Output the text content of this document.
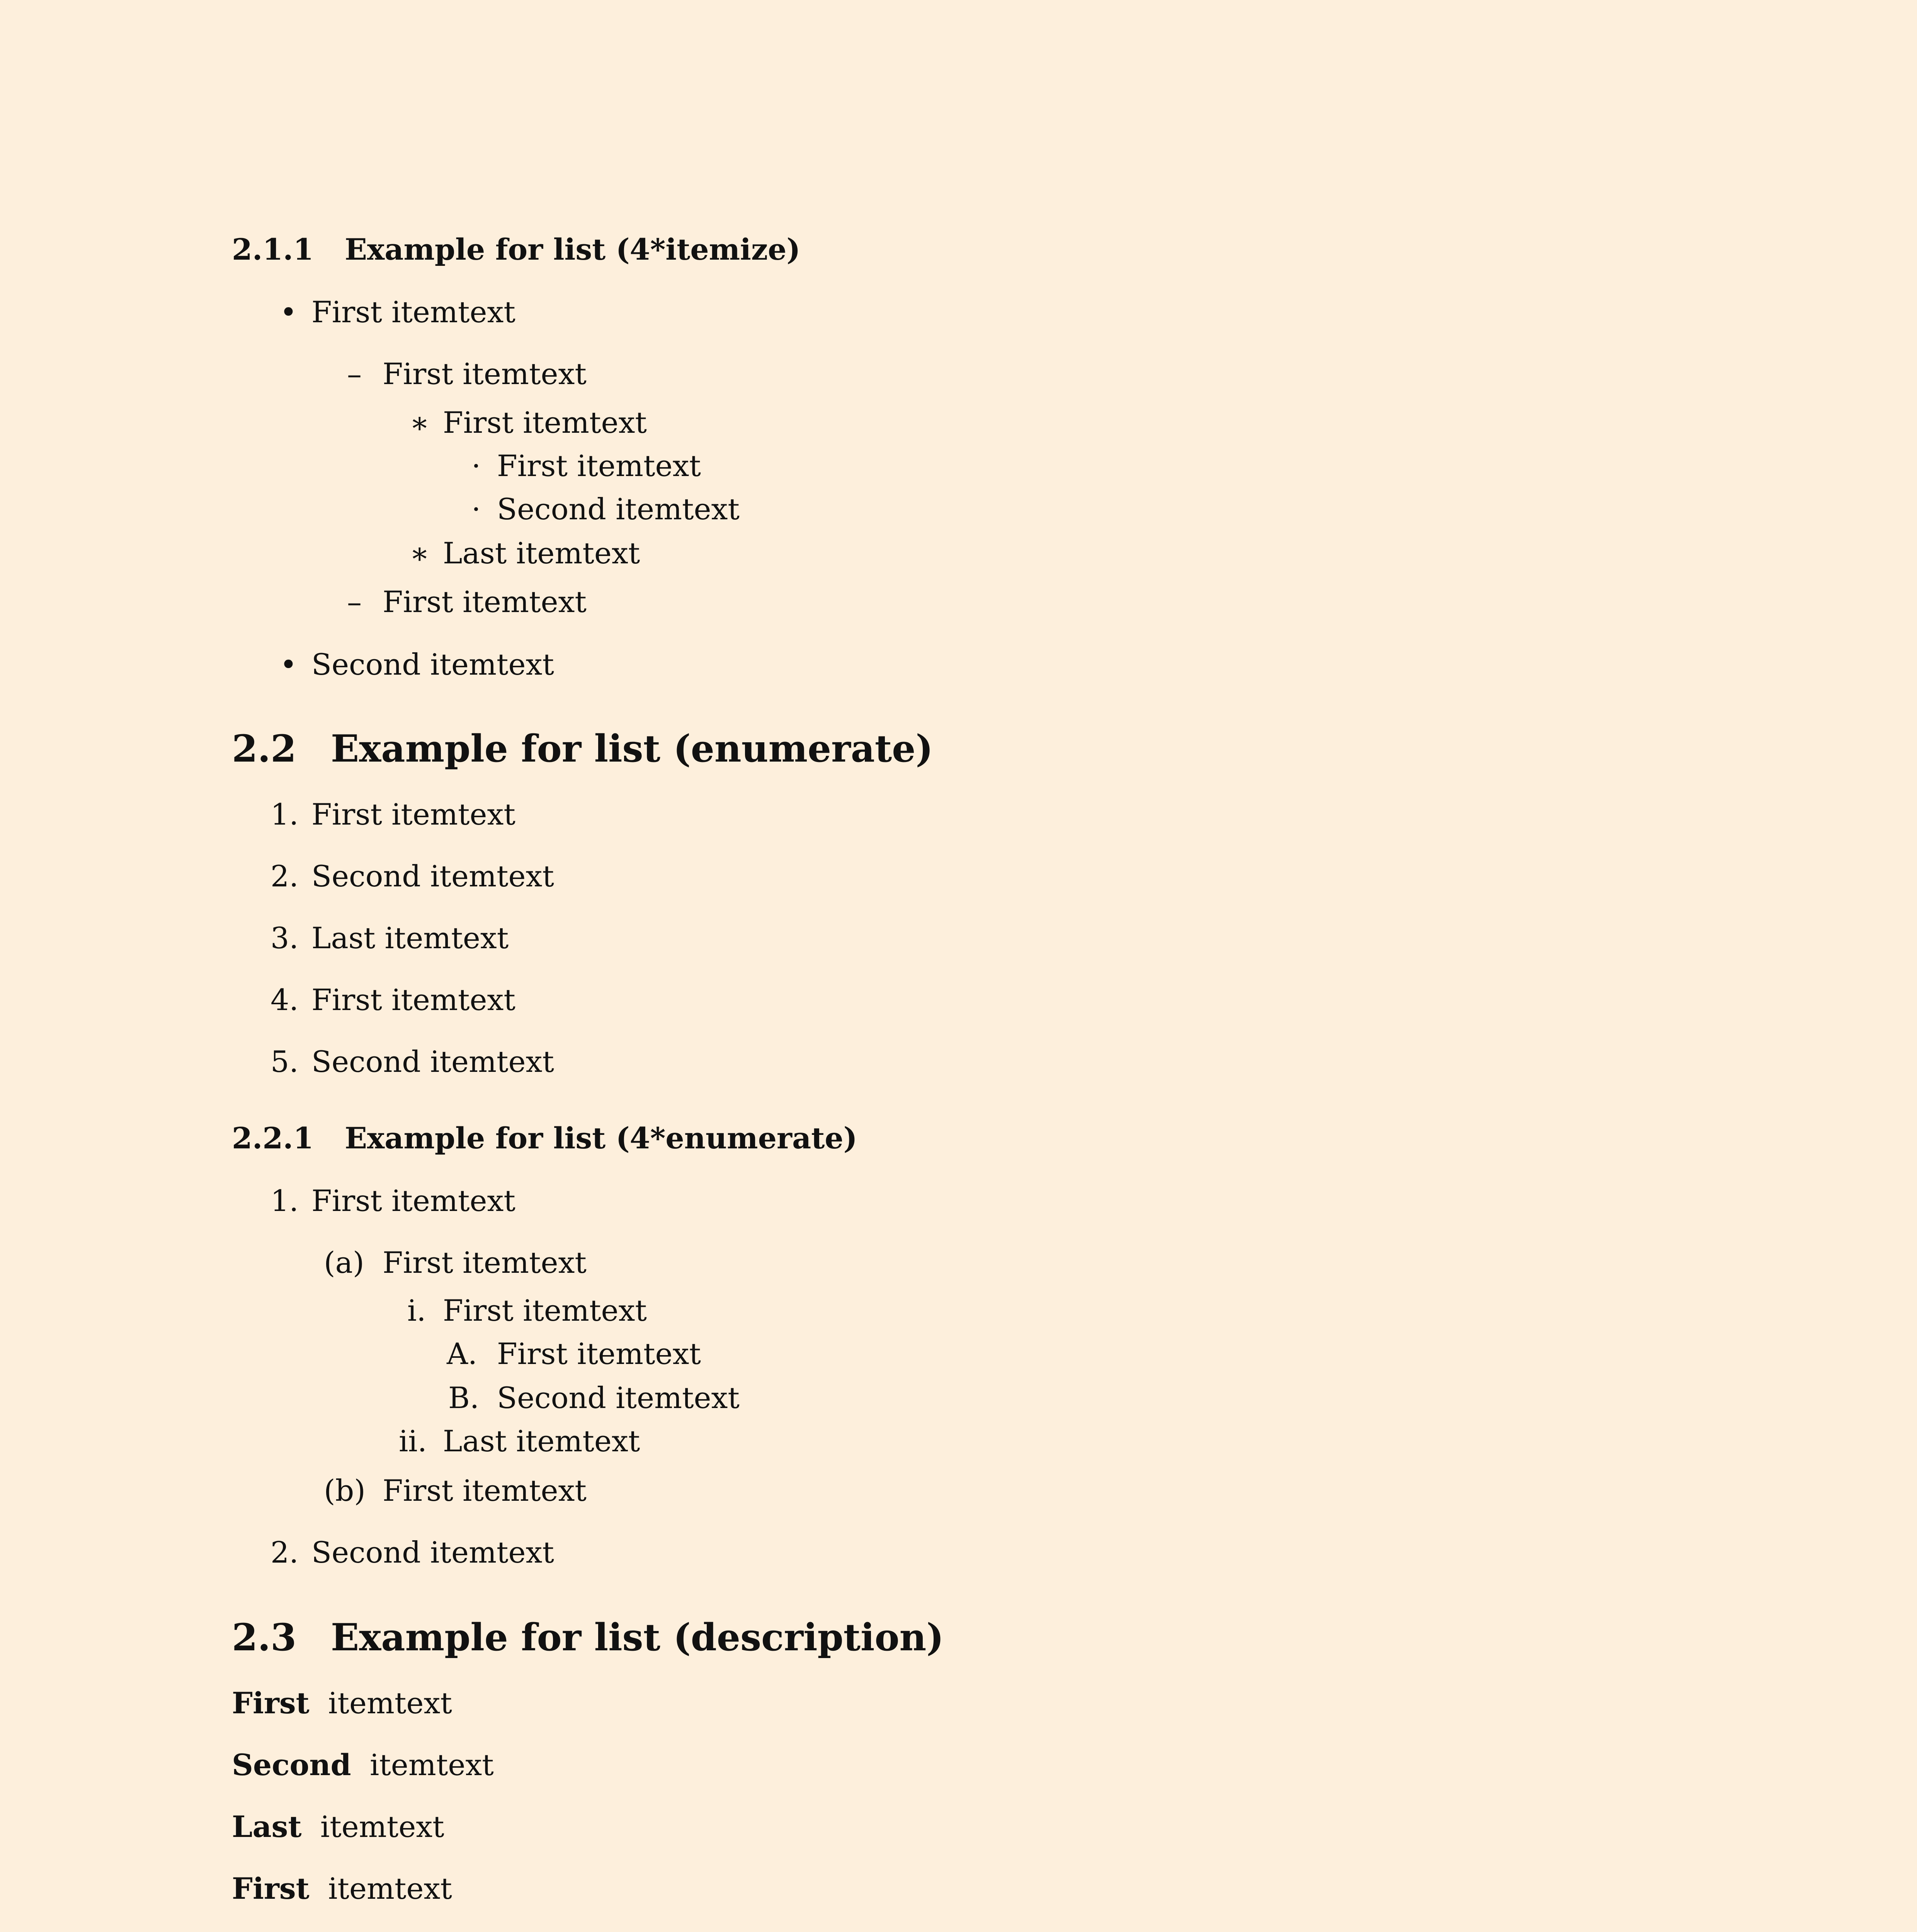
2.1.1 Example for list (4*itemize)
• First itemtext
– First itemtext
∗ First itemtext
· First itemtext
· Second itemtext
∗ Last itemtext
– First itemtext
• Second itemtext
2.2 Example for list (enumerate)
1. First itemtext
2. Second itemtext
3. Last itemtext
4. First itemtext
5. Second itemtext
2.2.1 Example for list (4*enumerate)
1. First itemtext
(a) First itemtext
i. First itemtext
A. First itemtext
B. Second itemtext
ii. Last itemtext
(b) First itemtext
2. Second itemtext
2.3 Example for list (description)
First itemtext
Second itemtext
Last itemtext
First itemtext
